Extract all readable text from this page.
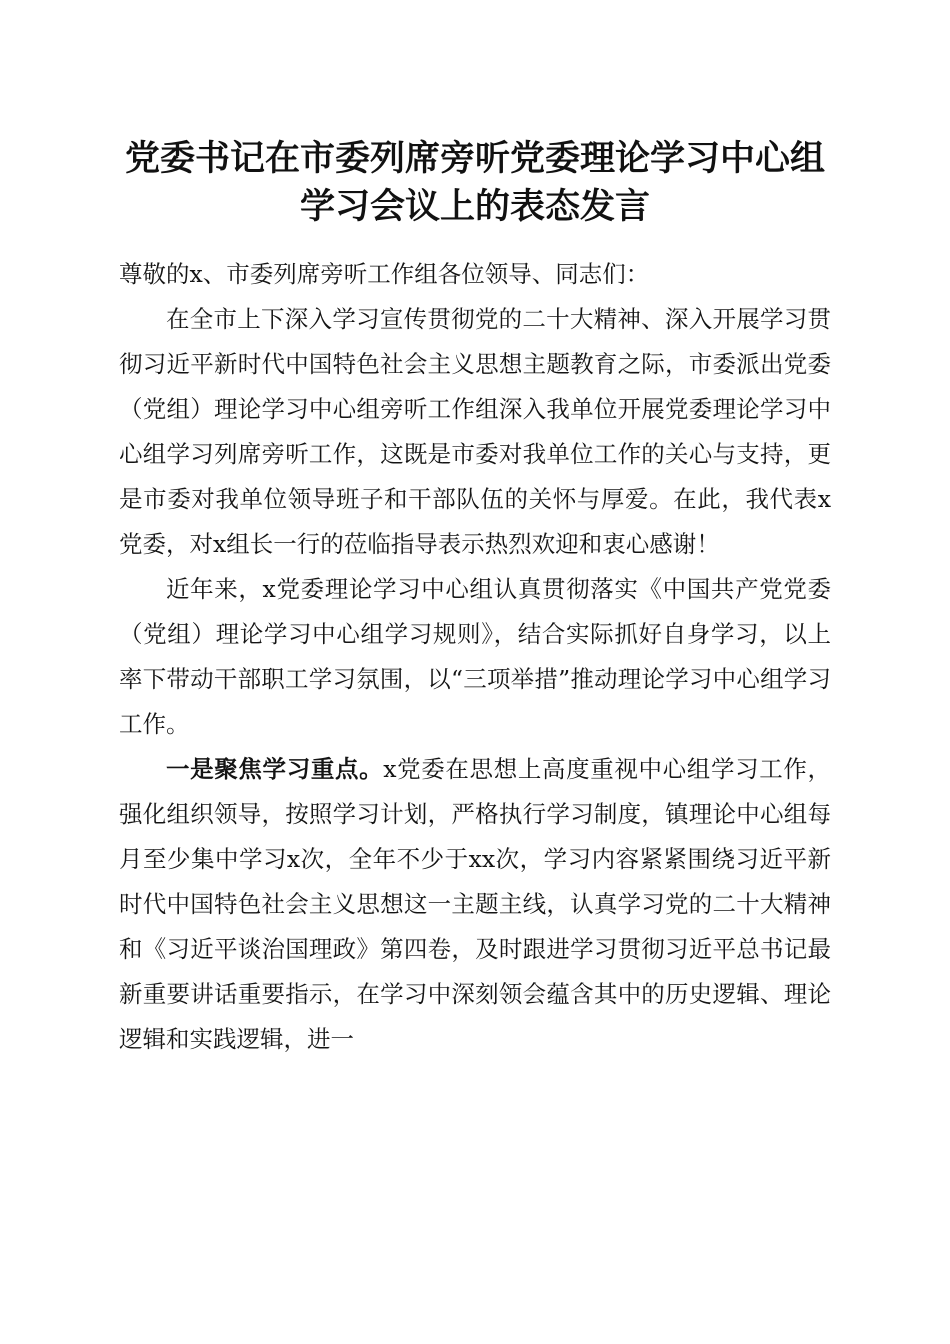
党委书记在市委列席旁听党委理论学习中心组
学习会议上的表态发言

尊敬的x、市委列席旁听工作组各位领导、同志们：

在全市上下深入学习宣传贯彻党的二十大精神、深入开展学习贯彻习近平新时代中国特色社会主义思想主题教育之际，市委派出党委（党组）理论学习中心组旁听工作组深入我单位开展党委理论学习中心组学习列席旁听工作，这既是市委对我单位工作的关心与支持，更是市委对我单位领导班子和干部队伍的关怀与厚爱。在此，我代表x党委，对x组长一行的莅临指导表示热烈欢迎和衷心感谢！

近年来，x党委理论学习中心组认真贯彻落实《中国共产党党委（党组）理论学习中心组学习规则》，结合实际抓好自身学习，以上率下带动干部职工学习氛围，以“三项举措”推动理论学习中心组学习工作。

一是聚焦学习重点。x党委在思想上高度重视中心组学习工作，强化组织领导，按照学习计划，严格执行学习制度，镇理论中心组每月至少集中学习x次，全年不少于xx次，学习内容紧紧围绕习近平新时代中国特色社会主义思想这一主题主线，认真学习党的二十大精神和《习近平谈治国理政》第四卷，及时跟进学习贯彻习近平总书记最新重要讲话重要指示，在学习中深刻领会蕴含其中的历史逻辑、理论逻辑和实践逻辑，进一
